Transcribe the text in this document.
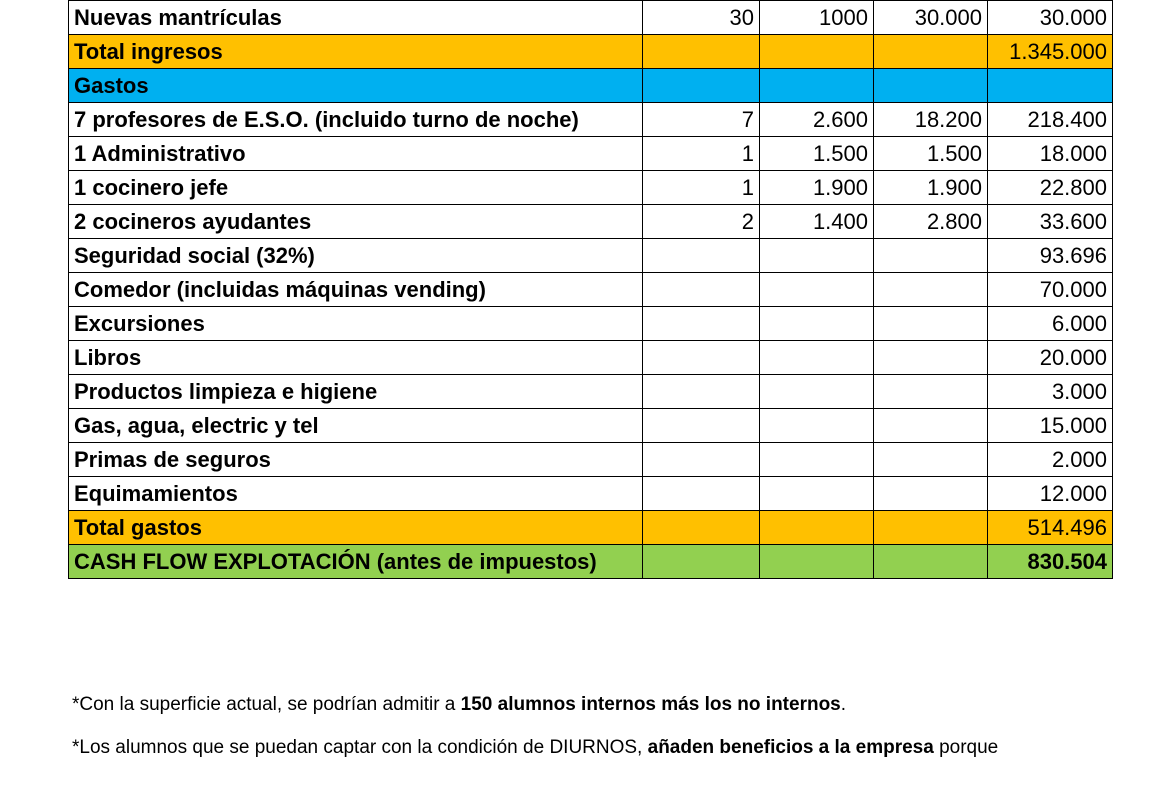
Nuevas mantrículas	30	1000	30.000	30.000
Total ingresos				1.345.000
Gastos				
7 profesores de E.S.O. (incluido turno de noche)	7	2.600	18.200	218.400
1 Administrativo	1	1.500	1.500	18.000
1 cocinero jefe	1	1.900	1.900	22.800
2 cocineros ayudantes	2	1.400	2.800	33.600
Seguridad social (32%)				93.696
Comedor (incluidas máquinas vending)				70.000
Excursiones				6.000
Libros				20.000
Productos limpieza e higiene				3.000
Gas, agua, electric y tel				15.000
Primas de seguros				2.000
Equimamientos				12.000
Total gastos				514.496
CASH FLOW EXPLOTACIÓN (antes de impuestos)				830.504

*Con la superficie actual, se podrían admitir a 150 alumnos internos más los no internos.

*Los alumnos que se puedan captar con la condición de DIURNOS, añaden beneficios a la empresa porque
